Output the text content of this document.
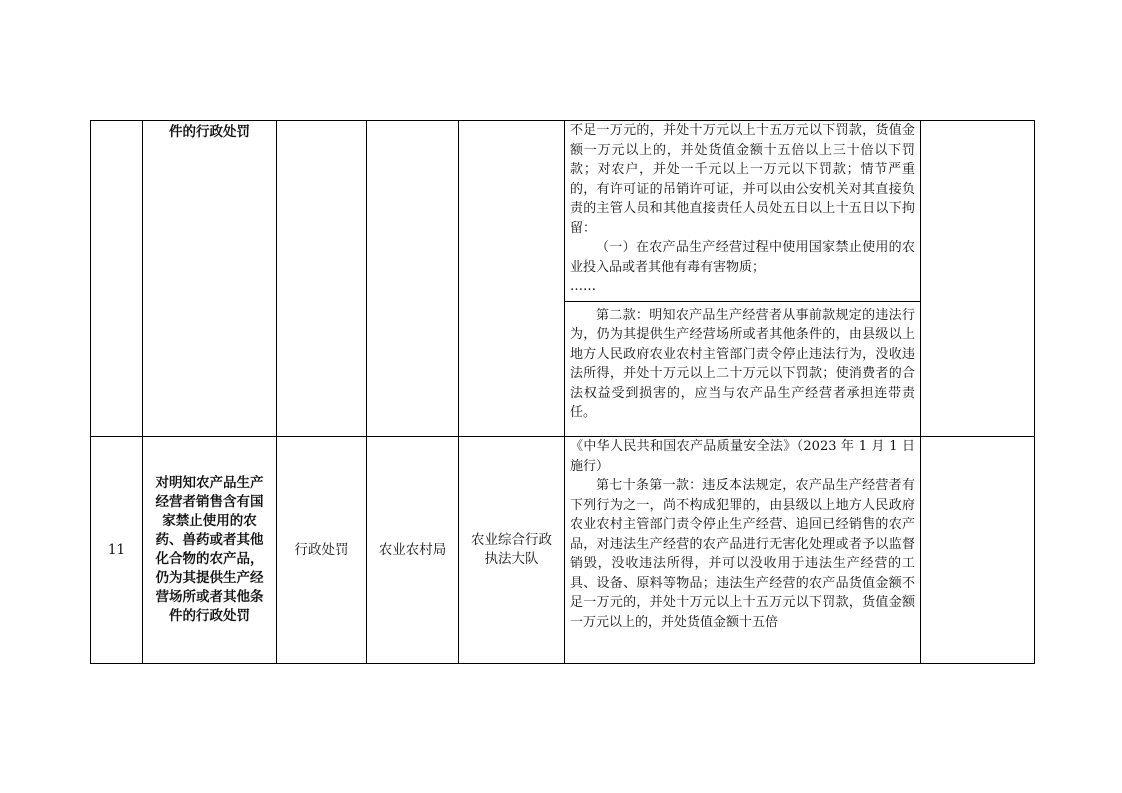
	件的行政处罚				不足一万元的，并处十万元以上十五万元以下罚款，货值金额一万元以上的，并处货值金额十五倍以上三十倍以下罚款；对农户，并处一千元以上一万元以下罚款；情节严重的，有许可证的吊销许可证，并可以由公安机关对其直接负责的主管人员和其他直接责任人员处五日以上十五日以下拘留：

（一）在农产品生产经营过程中使用国家禁止使用的农业投入品或者其他有毒有害物质；

……

第二款：明知农产品生产经营者从事前款规定的违法行为，仍为其提供生产经营场所或者其他条件的，由县级以上地方人民政府农业农村主管部门责令停止违法行为，没收违法所得，并处十万元以上二十万元以下罚款；使消费者的合法权益受到损害的，应当与农产品生产经营者承担连带责任。	

11	对明知农产品生产经营者销售含有国家禁止使用的农药、兽药或者其他化合物的农产品，仍为其提供生产经营场所或者其他条件的行政处罚	行政处罚	农业农村局	农业综合行政执法大队	《中华人民共和国农产品质量安全法》（2023 年 1 月 1 日施行）

第七十条第一款：违反本法规定，农产品生产经营者有下列行为之一，尚不构成犯罪的，由县级以上地方人民政府农业农村主管部门责令停止生产经营、追回已经销售的农产品，对违法生产经营的农产品进行无害化处理或者予以监督销毁，没收违法所得，并可以没收用于违法生产经营的工具、设备、原料等物品；违法生产经营的农产品货值金额不足一万元的，并处十万元以上十五万元以下罚款，货值金额一万元以上的，并处货值金额十五倍	
